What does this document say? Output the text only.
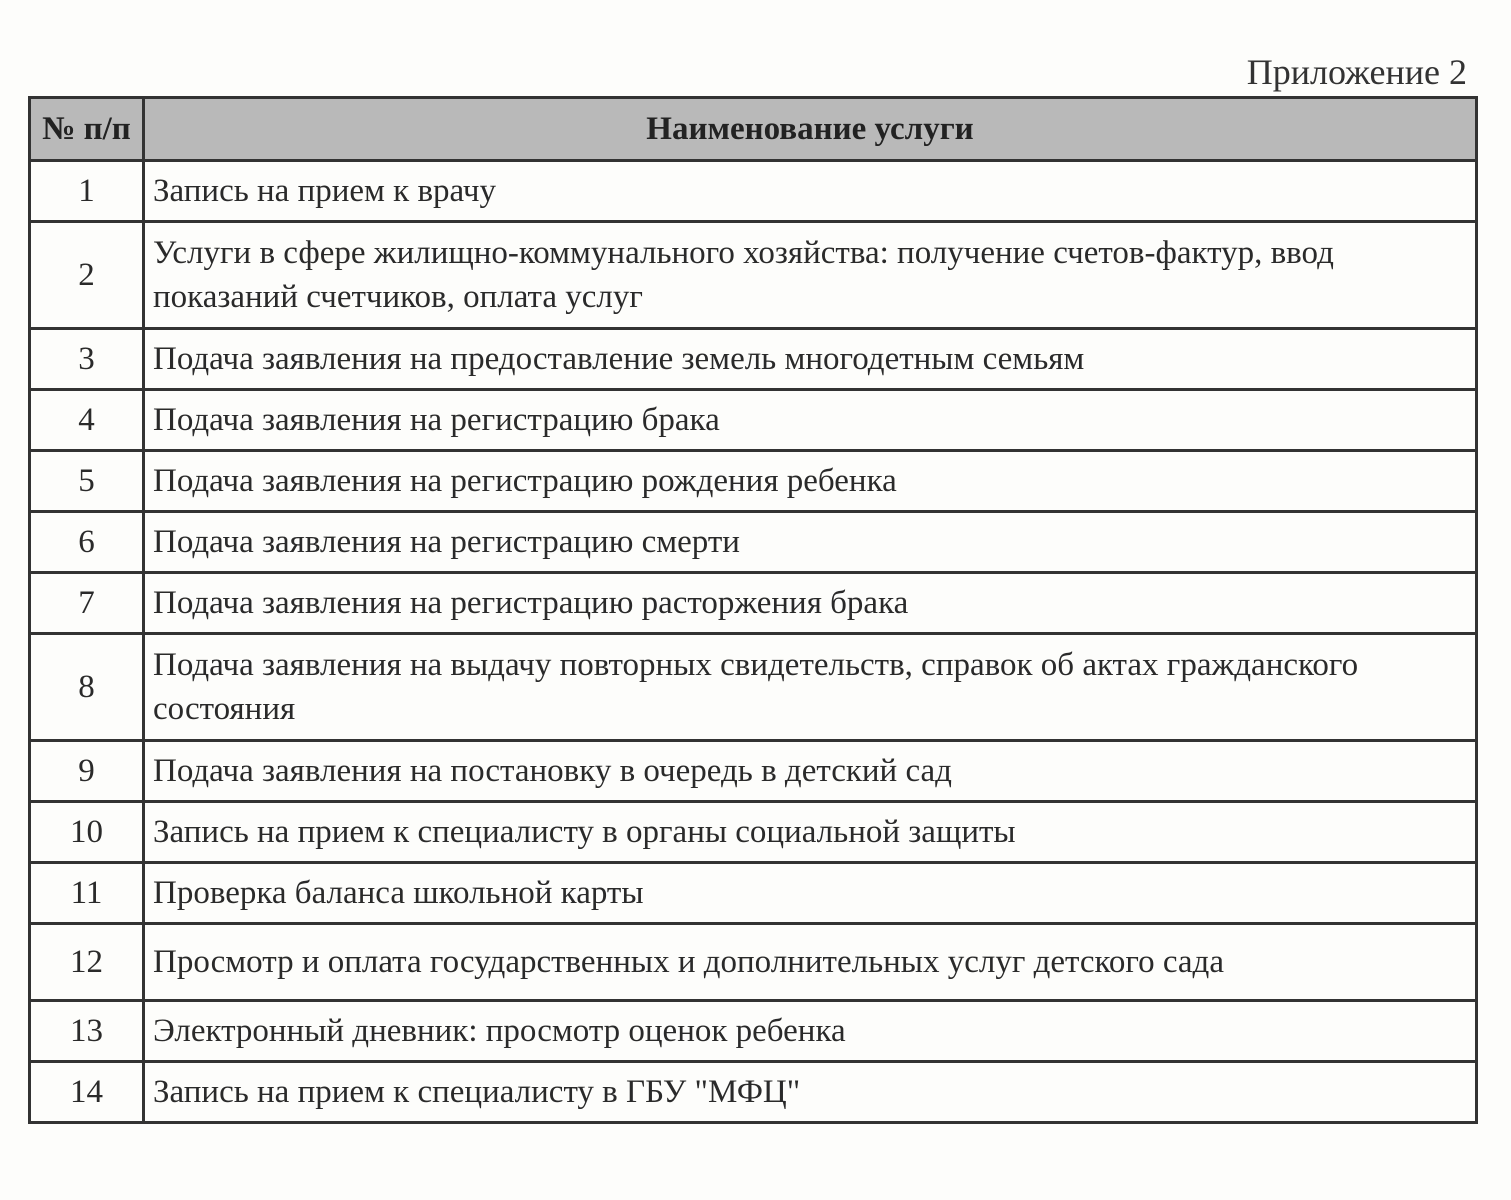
Приложение 2
№ п/п	Наименование услуги
1	Запись на прием к врачу
2	Услуги в сфере жилищно-коммунального хозяйства: получение счетов-фактур, ввод показаний счетчиков, оплата услуг
3	Подача заявления на предоставление земель многодетным семьям
4	Подача заявления на регистрацию брака
5	Подача заявления на регистрацию рождения ребенка
6	Подача заявления на регистрацию смерти
7	Подача заявления на регистрацию расторжения брака
8	Подача заявления на выдачу повторных свидетельств, справок об актах гражданского состояния
9	Подача заявления на постановку в очередь в детский сад
10	Запись на прием к специалисту в органы социальной защиты
11	Проверка баланса школьной карты
12	Просмотр и оплата государственных и дополнительных услуг детского сада
13	Электронный дневник: просмотр оценок ребенка
14	Запись на прием к специалисту в ГБУ "МФЦ"
